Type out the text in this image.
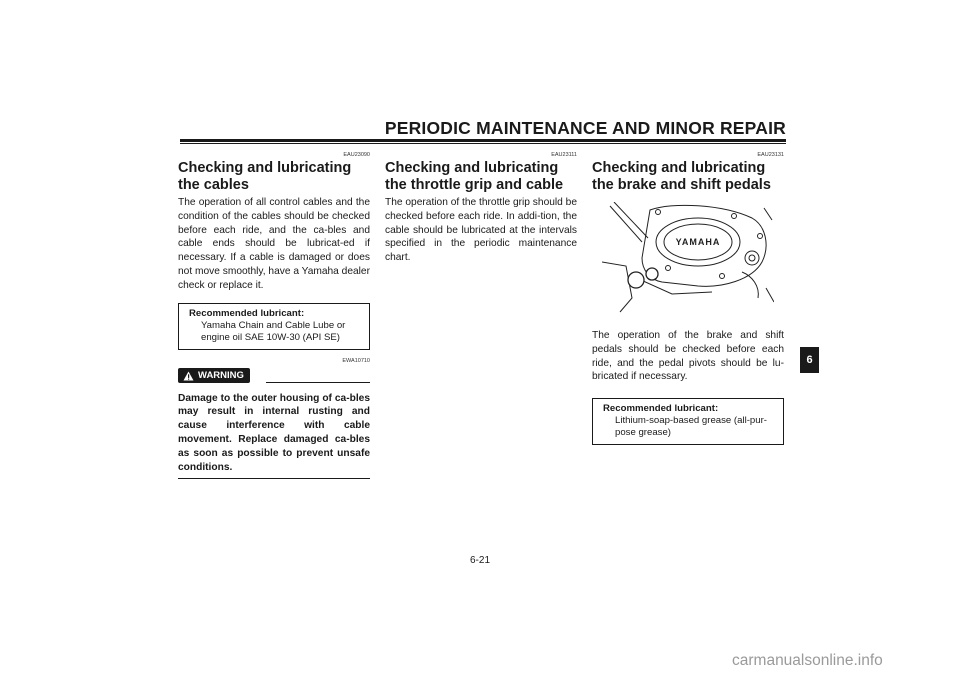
PERIODIC MAINTENANCE AND MINOR REPAIR
EAU23090
Checking and lubricating the cables

The operation of all control cables and the condition of the cables should be checked before each ride, and the ca-bles and cable ends should be lubricat-ed if necessary. If a cable is damaged or does not move smoothly, have a Yamaha dealer check or replace it.

Recommended lubricant:
Yamaha Chain and Cable Lube or engine oil SAE 10W-30 (API SE)
EWA10710
WARNING
Damage to the outer housing of ca-bles may result in internal rusting and cause interference with cable movement. Replace damaged ca-bles as soon as possible to prevent unsafe conditions.
EAU23111
Checking and lubricating the throttle grip and cable

The operation of the throttle grip should be checked before each ride. In addi-tion, the cable should be lubricated at the intervals specified in the periodic maintenance chart.

EAU23131
Checking and lubricating the brake and shift pedals
YAMAHA

The operation of the brake and shift pedals should be checked before each ride, and the pedal pivots should be lu-bricated if necessary.

Recommended lubricant:
Lithium-soap-based grease (all-pur-pose grease)
6
6-21
carmanualsonline.info
